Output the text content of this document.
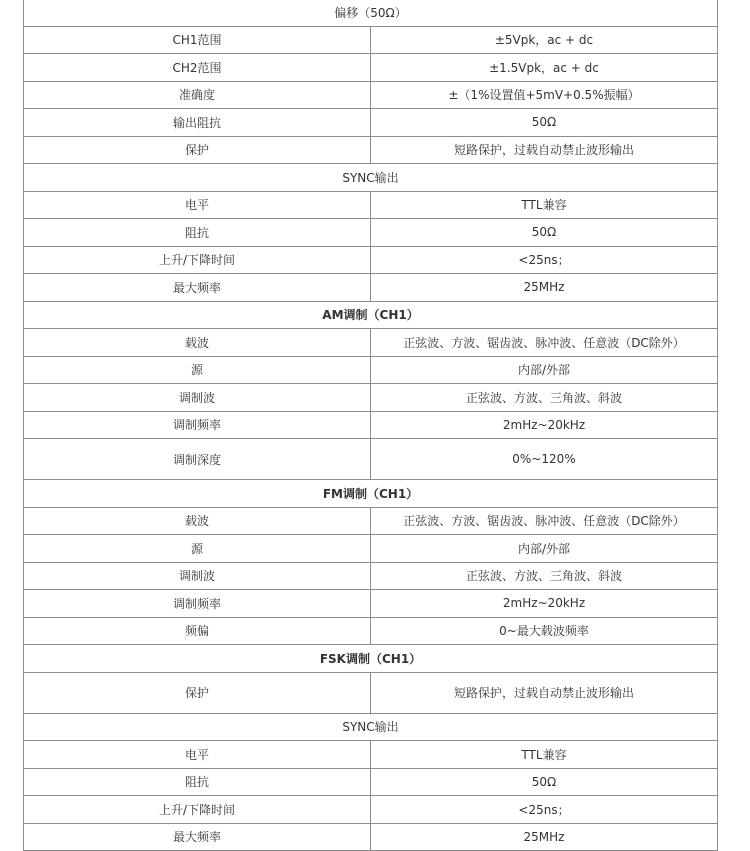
偏移（50Ω）	
CH1范围	±5Vpk，ac + dc
CH2范围	±1.5Vpk，ac + dc
准确度	±（1%设置值+5mV+0.5%振幅）
输出阻抗	50Ω
保护	短路保护，过载自动禁止波形输出
SYNC输出	
电平	TTL兼容
阻抗	50Ω
上升/下降时间	<25ns；
最大频率	25MHz
AM调制（CH1）	
载波	正弦波、方波、锯齿波、脉冲波、任意波（DC除外）
源	内部/外部
调制波	正弦波、方波、三角波、斜波
调制频率	2mHz~20kHz
调制深度	0%~120%
FM调制（CH1）	
载波	正弦波、方波、锯齿波、脉冲波、任意波（DC除外）
源	内部/外部
调制波	正弦波、方波、三角波、斜波
调制频率	2mHz~20kHz
频偏	0~最大载波频率
FSK调制（CH1）	
保护	短路保护，过载自动禁止波形输出
SYNC输出	
电平	TTL兼容
阻抗	50Ω
上升/下降时间	<25ns；
最大频率	25MHz
